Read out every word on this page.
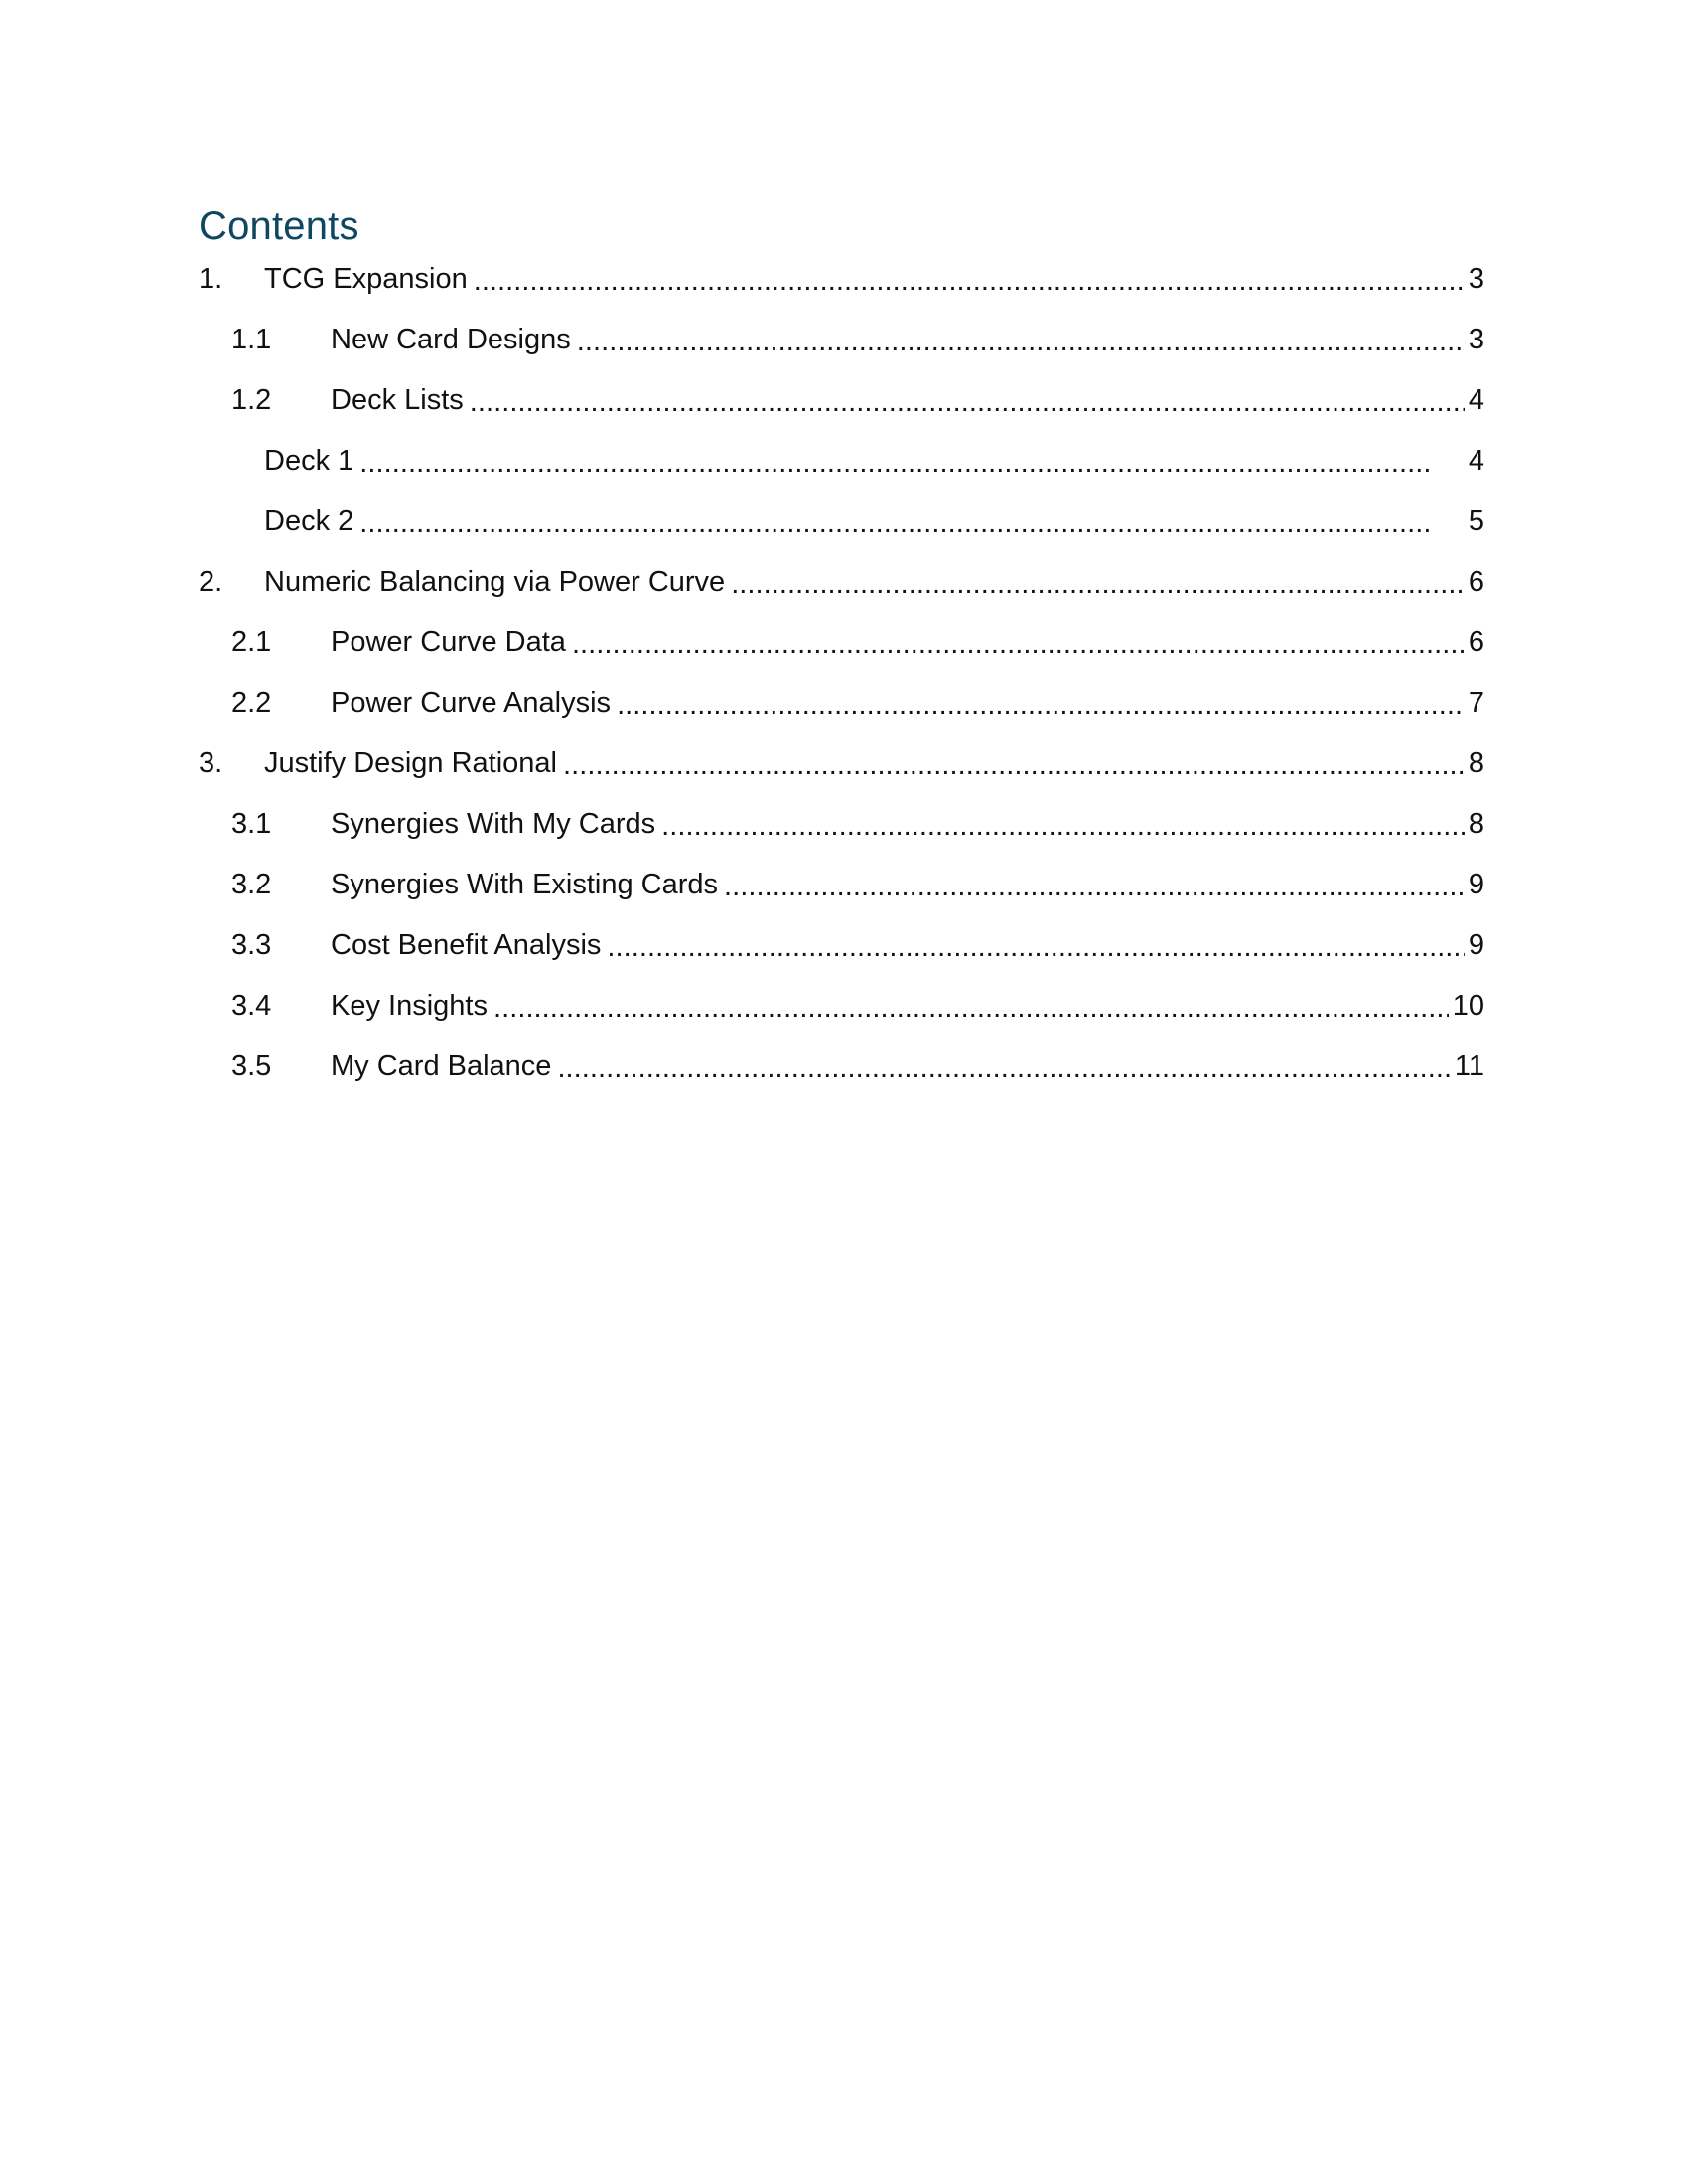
Contents
1.	TCG Expansion . . .	3
1.1	New Card Designs . . .	3
1.2	Deck Lists . . .	4
Deck 1 . . .	4
Deck 2 . . .	5
2.	Numeric Balancing via Power Curve . . .	6
2.1	Power Curve Data . . .	6
2.2	Power Curve Analysis . . .	7
3.	Justify Design Rational . . .	8
3.1	Synergies With My Cards . . .	8
3.2	Synergies With Existing Cards . . .	9
3.3	Cost Benefit Analysis . . .	9
3.4	Key Insights . . .	10
3.5	My Card Balance . . .	11
